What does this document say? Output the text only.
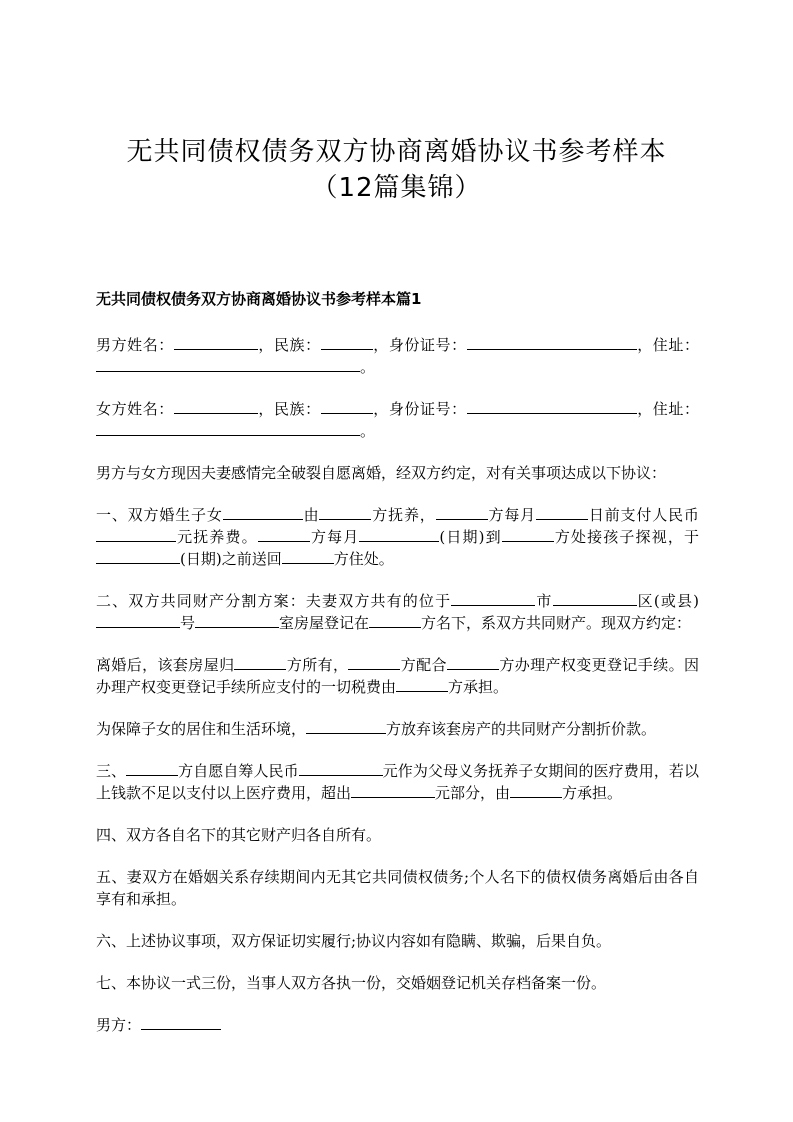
无共同债权债务双方协商离婚协议书参考样本（12篇集锦）
无共同债权债务双方协商离婚协议书参考样本篇1

男方姓名：	，民族：	，身份证号：	，住址：。

女方姓名：	，民族：	，身份证号：	，住址：。

男方与女方现因夫妻感情完全破裂自愿离婚，经双方约定，对有关事项达成以下协议：

一、双方婚生子女	由	方抚养，	方每月	日前支付人民币元抚养费。	方每月	(日期)到	方处接孩子探视，于(日期)之前送回	方住处。

二、双方共同财产分割方案：夫妻双方共有的位于	市	区(或县)号	室房屋登记在	方名下，系双方共同财产。现双方约定：

离婚后，该套房屋归	方所有，	方配合	方办理产权变更登记手续。因办理产权变更登记手续所应支付的一切税费由	方承担。

为保障子女的居住和生活环境，	方放弃该套房产的共同财产分割折价款。

三、	方自愿自筹人民币	元作为父母义务抚养子女期间的医疗费用，若以上钱款不足以支付以上医疗费用，超出	元部分，由	方承担。

四、双方各自名下的其它财产归各自所有。

五、妻双方在婚姻关系存续期间内无其它共同债权债务;个人名下的债权债务离婚后由各自享有和承担。

六、上述协议事项，双方保证切实履行;协议内容如有隐瞒、欺骗，后果自负。

七、本协议一式三份，当事人双方各执一份，交婚姻登记机关存档备案一份。

男方：
